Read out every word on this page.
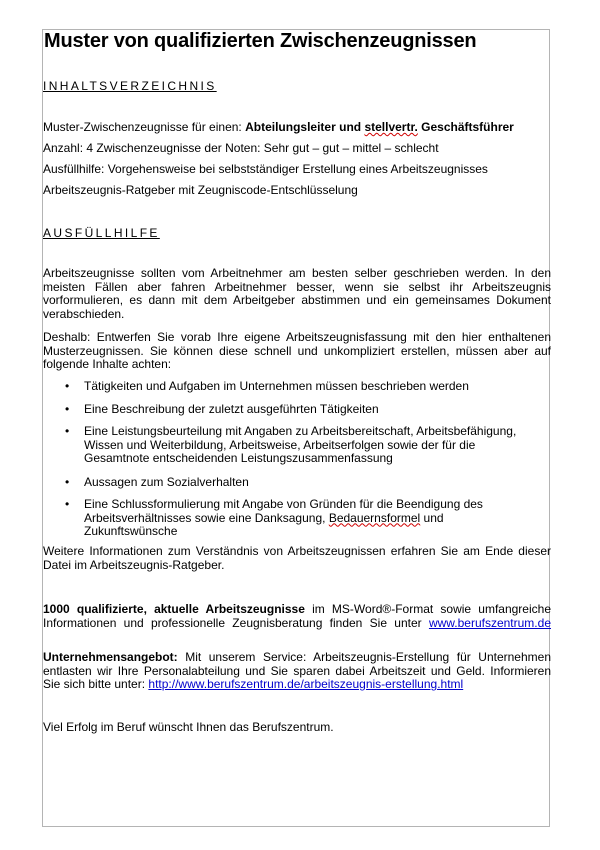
Muster von qualifizierten Zwischenzeugnissen
INHALTSVERZEICHNIS
Muster-Zwischenzeugnisse für einen: Abteilungsleiter und stellvertr. Geschäftsführer
Anzahl: 4 Zwischenzeugnisse der Noten: Sehr gut – gut – mittel – schlecht
Ausfüllhilfe: Vorgehensweise bei selbstständiger Erstellung eines Arbeitszeugnisses
Arbeitszeugnis-Ratgeber mit Zeugniscode-Entschlüsselung
AUSFÜLLHILFE
Arbeitszeugnisse sollten vom Arbeitnehmer am besten selber geschrieben werden. In den
meisten Fällen aber fahren Arbeitnehmer besser, wenn sie selbst ihr Arbeitszeugnis
vorformulieren, es dann mit dem Arbeitgeber abstimmen und ein gemeinsames Dokument
verabschieden.
Deshalb: Entwerfen Sie vorab Ihre eigene Arbeitszeugnisfassung mit den hier enthaltenen
Musterzeugnissen. Sie können diese schnell und unkompliziert erstellen, müssen aber auf
folgende Inhalte achten:
• Tätigkeiten und Aufgaben im Unternehmen müssen beschrieben werden
• Eine Beschreibung der zuletzt ausgeführten Tätigkeiten
• Eine Leistungsbeurteilung mit Angaben zu Arbeitsbereitschaft, Arbeitsbefähigung,
Wissen und Weiterbildung, Arbeitsweise, Arbeitserfolgen sowie der für die
Gesamtnote entscheidenden Leistungszusammenfassung
• Aussagen zum Sozialverhalten
• Eine Schlussformulierung mit Angabe von Gründen für die Beendigung des
Arbeitsverhältnisses sowie eine Danksagung, Bedauernsformel und
Zukunftswünsche
Weitere Informationen zum Verständnis von Arbeitszeugnissen erfahren Sie am Ende dieser
Datei im Arbeitszeugnis-Ratgeber.
1000 qualifizierte, aktuelle Arbeitszeugnisse im MS-Word®-Format sowie umfangreiche
Informationen und professionelle Zeugnisberatung finden Sie unter www.berufszentrum.de
Unternehmensangebot: Mit unserem Service: Arbeitszeugnis-Erstellung für Unternehmen
entlasten wir Ihre Personalabteilung und Sie sparen dabei Arbeitszeit und Geld. Informieren
Sie sich bitte unter: http://www.berufszentrum.de/arbeitszeugnis-erstellung.html
Viel Erfolg im Beruf wünscht Ihnen das Berufszentrum.
